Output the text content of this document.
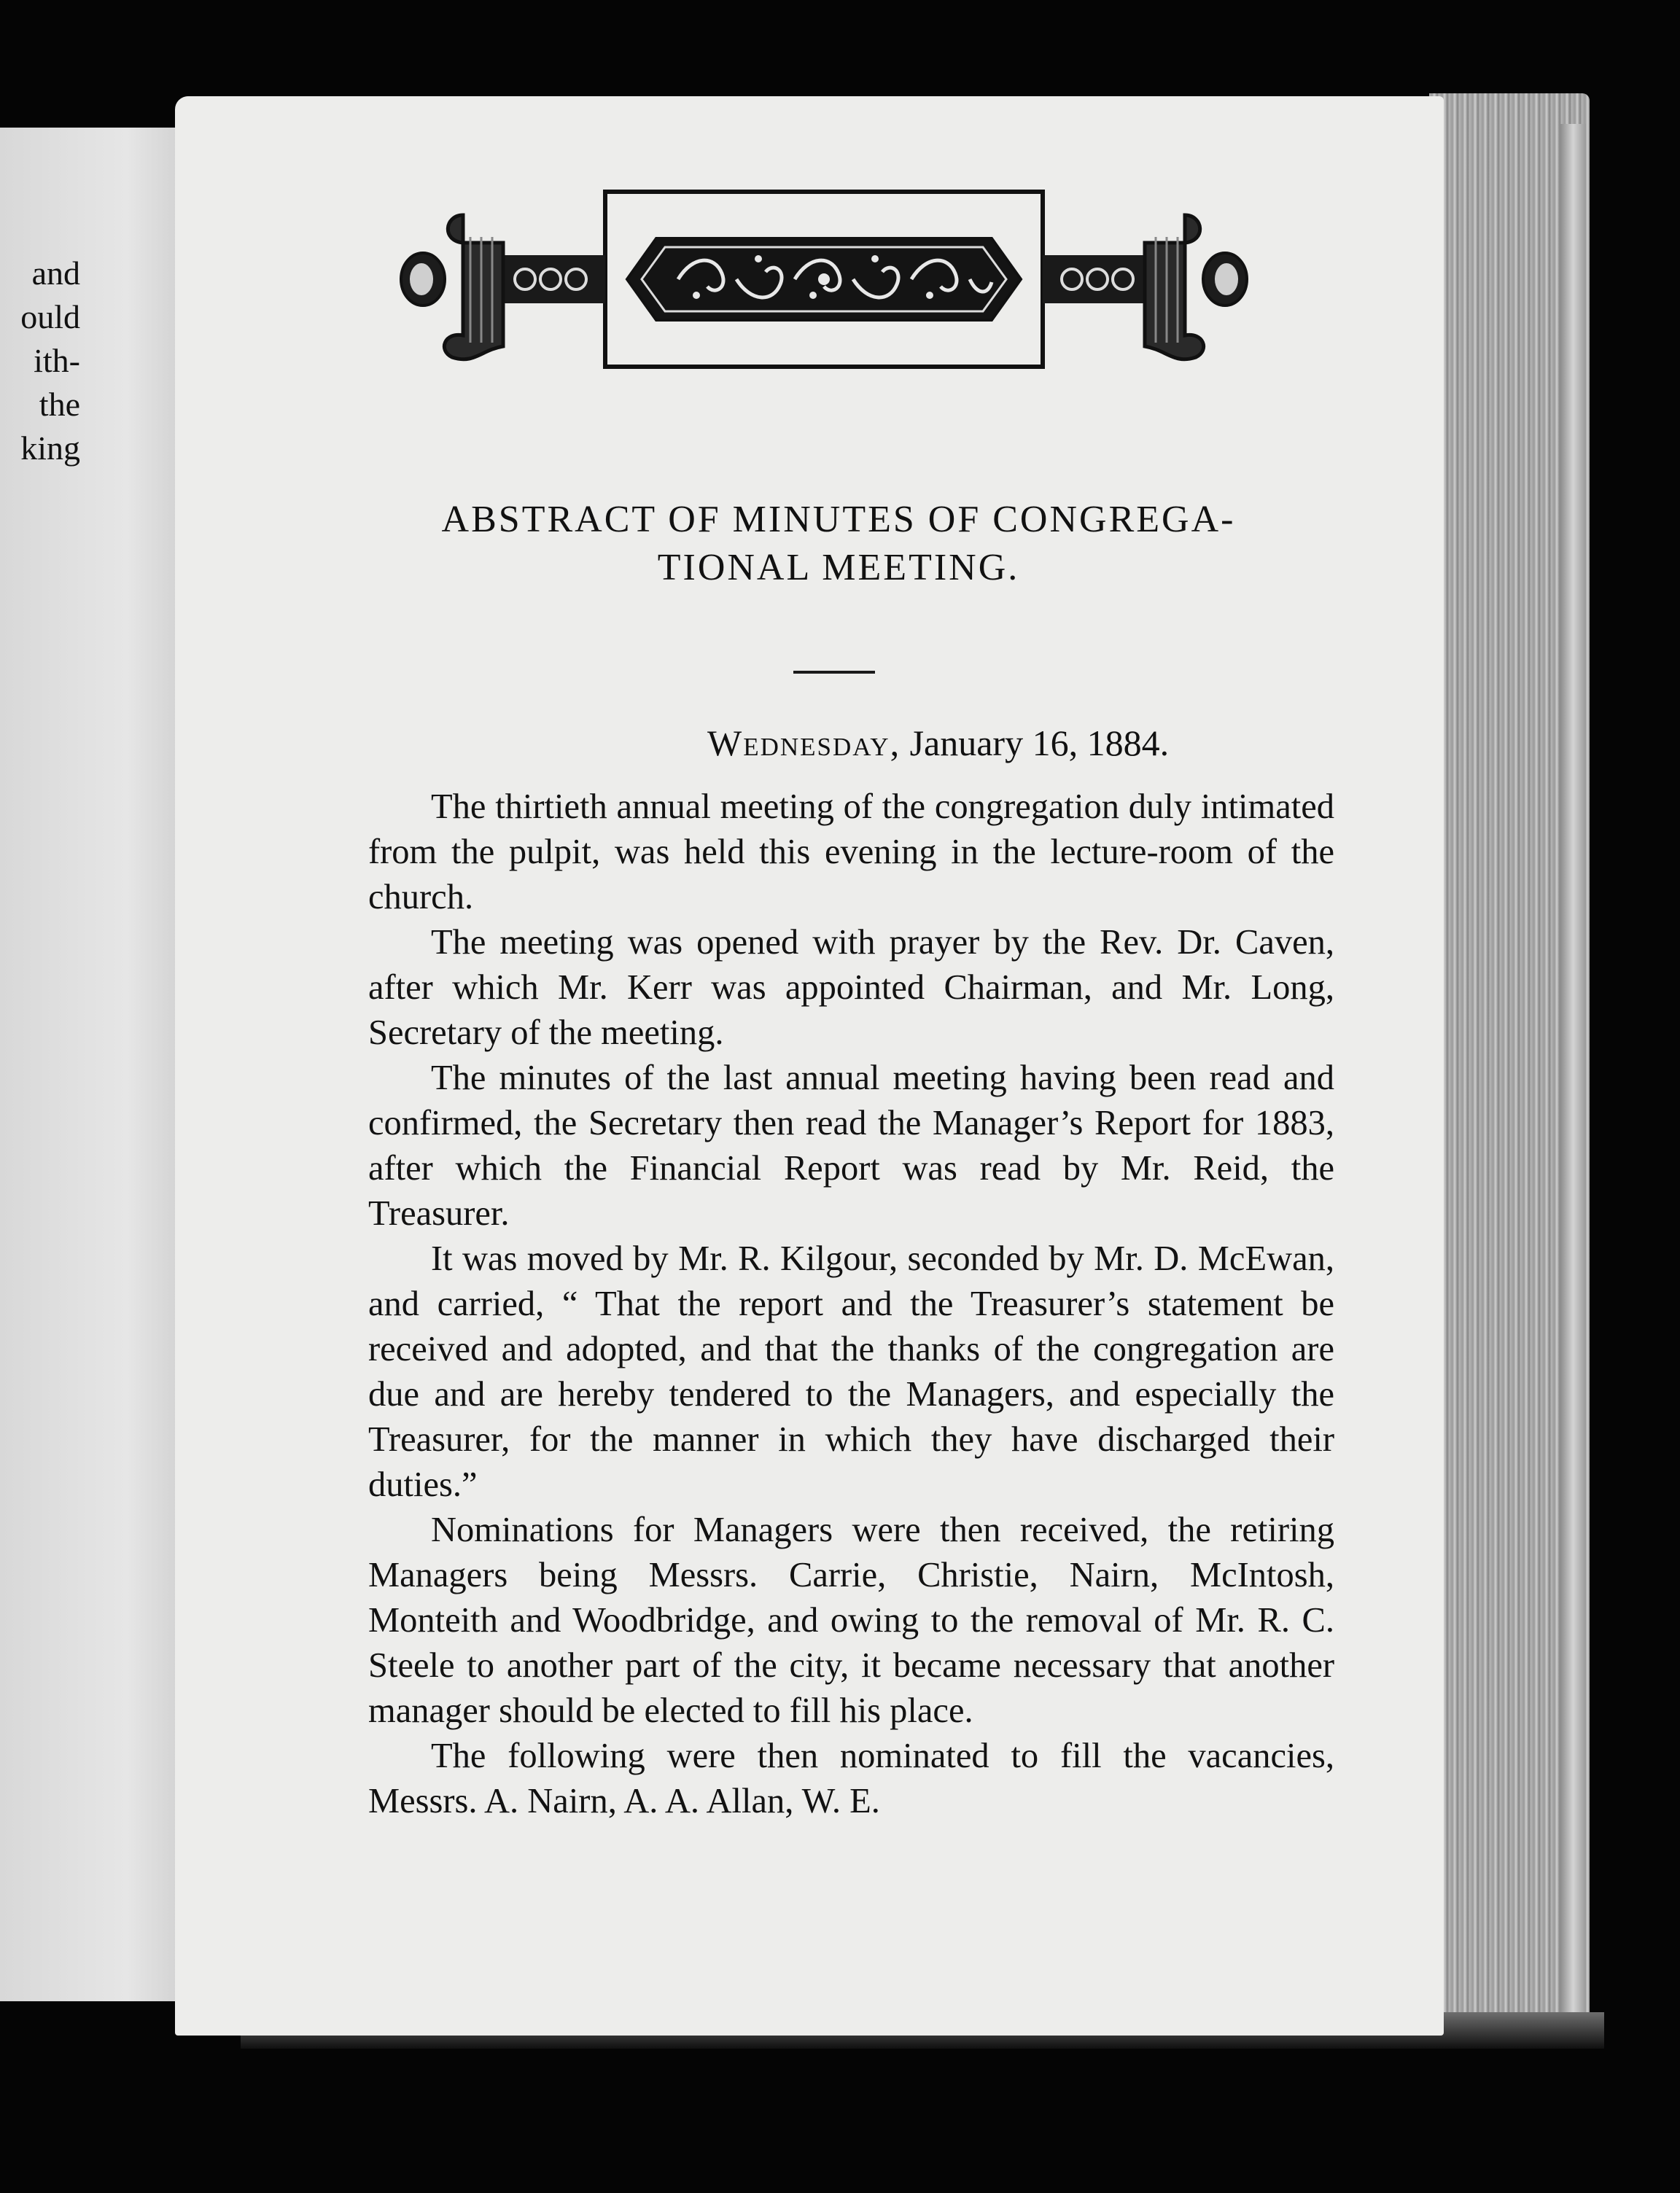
and
ould
ith-
the
king
ABSTRACT OF MINUTES OF CONGREGA-
TIONAL MEETING.
Wednesday, January 16, 1884.

The thirtieth annual meeting of the congregation duly intimated from the pulpit, was held this evening in the lecture-room of the church.

The meeting was opened with prayer by the Rev. Dr. Caven, after which Mr. Kerr was appointed Chairman, and Mr. Long, Secretary of the meeting.

The minutes of the last annual meeting having been read and confirmed, the Secretary then read the Manager’s Report for 1883, after which the Financial Report was read by Mr. Reid, the Treasurer.

It was moved by Mr. R. Kilgour, seconded by Mr. D. McEwan, and carried, “ That the report and the Treasurer’s statement be received and adopted, and that the thanks of the congregation are due and are hereby tendered to the Managers, and especially the Treasurer, for the manner in which they have discharged their duties.”

Nominations for Managers were then received, the retiring Managers being Messrs. Carrie, Christie, Nairn, McIntosh, Monteith and Woodbridge, and owing to the removal of Mr. R. C. Steele to another part of the city, it became necessary that another manager should be elected to fill his place.

The following were then nominated to fill the vacancies, Messrs. A. Nairn, A. A. Allan, W. E.
